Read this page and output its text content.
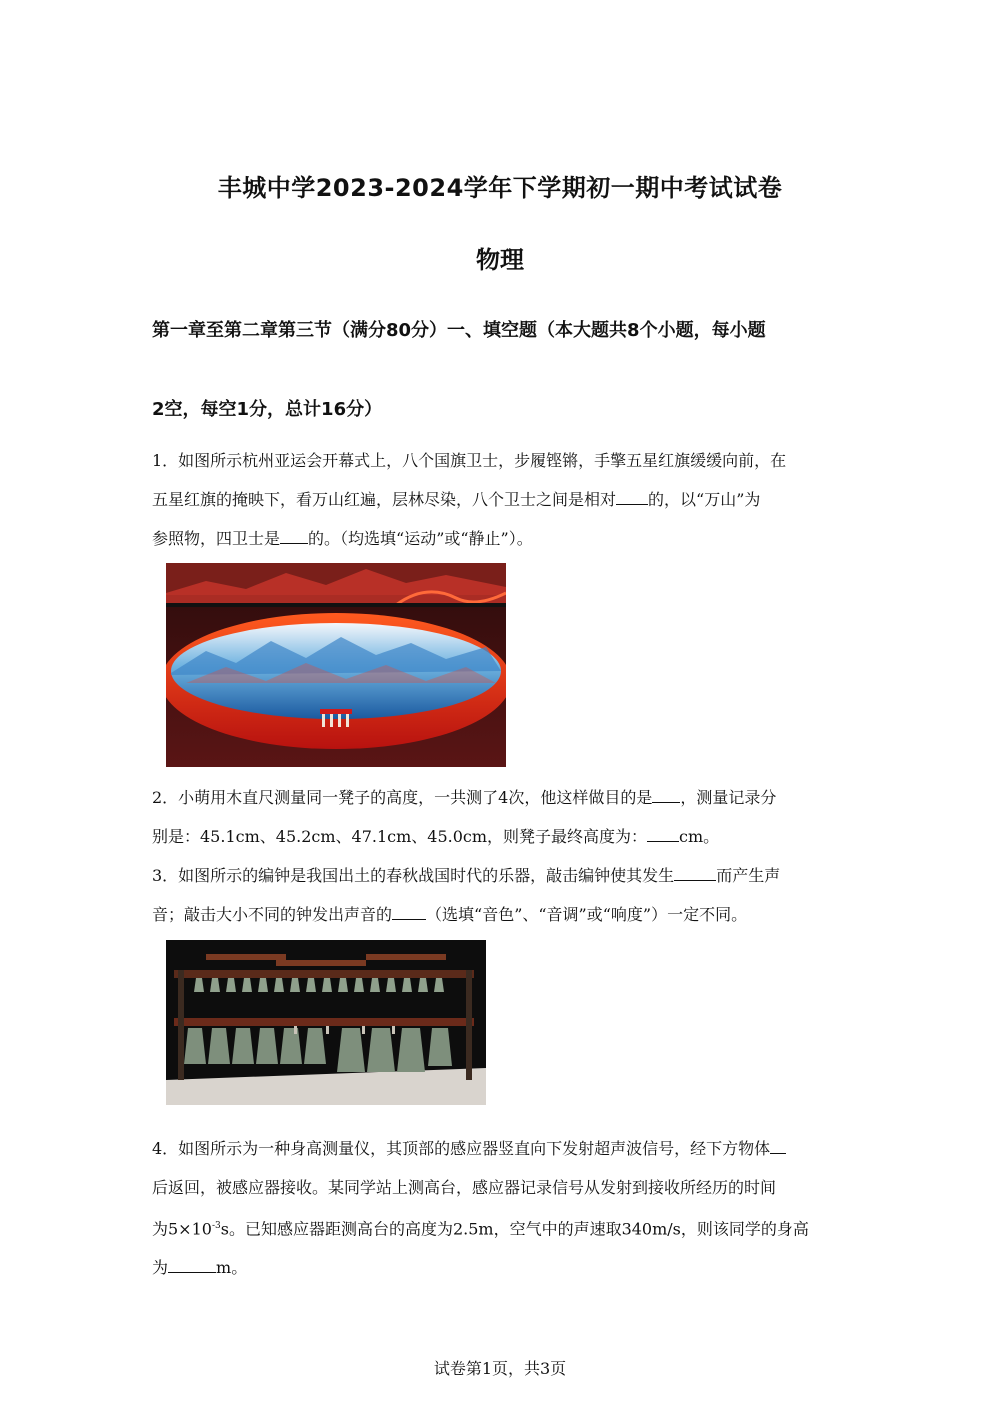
丰城中学2023-2024学年下学期初一期中考试试卷
物理
第一章至第二章第三节（满分80分）一、填空题（本大题共8个小题，每小题
2空，每空1分，总计16分）
1．如图所示杭州亚运会开幕式上，八个国旗卫士，步履铿锵，手擎五星红旗缓缓向前，在
五星红旗的掩映下，看万山红遍，层林尽染，八个卫士之间是相对 的，以“万山”为
参照物，四卫士是 的。（均选填“运动”或“静止”）。
2．小萌用木直尺测量同一凳子的高度，一共测了4次，他这样做目的是 ，测量记录分
别是：45.1cm、45.2cm、47.1cm、45.0cm，则凳子最终高度为： cm。
3．如图所示的编钟是我国出土的春秋战国时代的乐器，敲击编钟使其发生	而产生声
音；敲击大小不同的钟发出声音的 （选填“音色”、“音调”或“响度”）一定不同。
4．如图所示为一种身高测量仪，其顶部的感应器竖直向下发射超声波信号，经下方物体
后返回，被感应器接收。某同学站上测高台，感应器记录信号从发射到接收所经历的时间
为$5\times 10^{-3}s$。已知感应器距测高台的高度为2.5m，空气中的声速取340m/s，则该同学的身高
为	m。
试卷第1页，共3页
